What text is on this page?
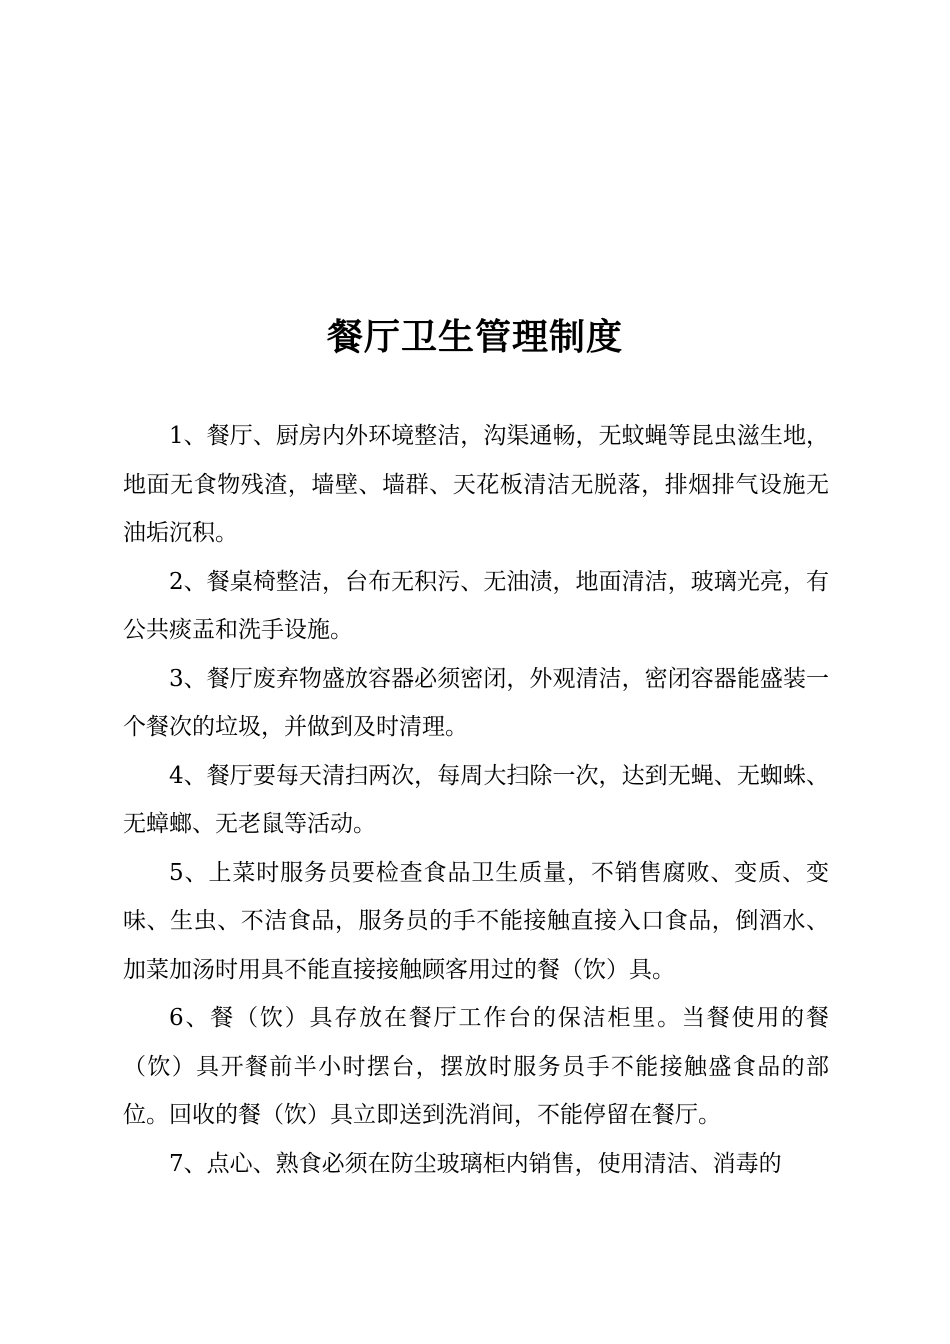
餐厅卫生管理制度

1、餐厅、厨房内外环境整洁，沟渠通畅，无蚊蝇等昆虫滋生地，地面无食物残渣，墙壁、墙群、天花板清洁无脱落，排烟排气设施无油垢沉积。

2、餐桌椅整洁，台布无积污、无油渍，地面清洁，玻璃光亮，有公共痰盂和洗手设施。

3、餐厅废弃物盛放容器必须密闭，外观清洁，密闭容器能盛装一个餐次的垃圾，并做到及时清理。

4、餐厅要每天清扫两次，每周大扫除一次，达到无蝇、无蜘蛛、无蟑螂、无老鼠等活动。

5、上菜时服务员要检查食品卫生质量，不销售腐败、变质、变味、生虫、不洁食品，服务员的手不能接触直接入口食品，倒酒水、加菜加汤时用具不能直接接触顾客用过的餐（饮）具。

6、餐（饮）具存放在餐厅工作台的保洁柜里。当餐使用的餐（饮）具开餐前半小时摆台，摆放时服务员手不能接触盛食品的部位。回收的餐（饮）具立即送到洗消间，不能停留在餐厅。

7、点心、熟食必须在防尘玻璃柜内销售，使用清洁、消毒的
